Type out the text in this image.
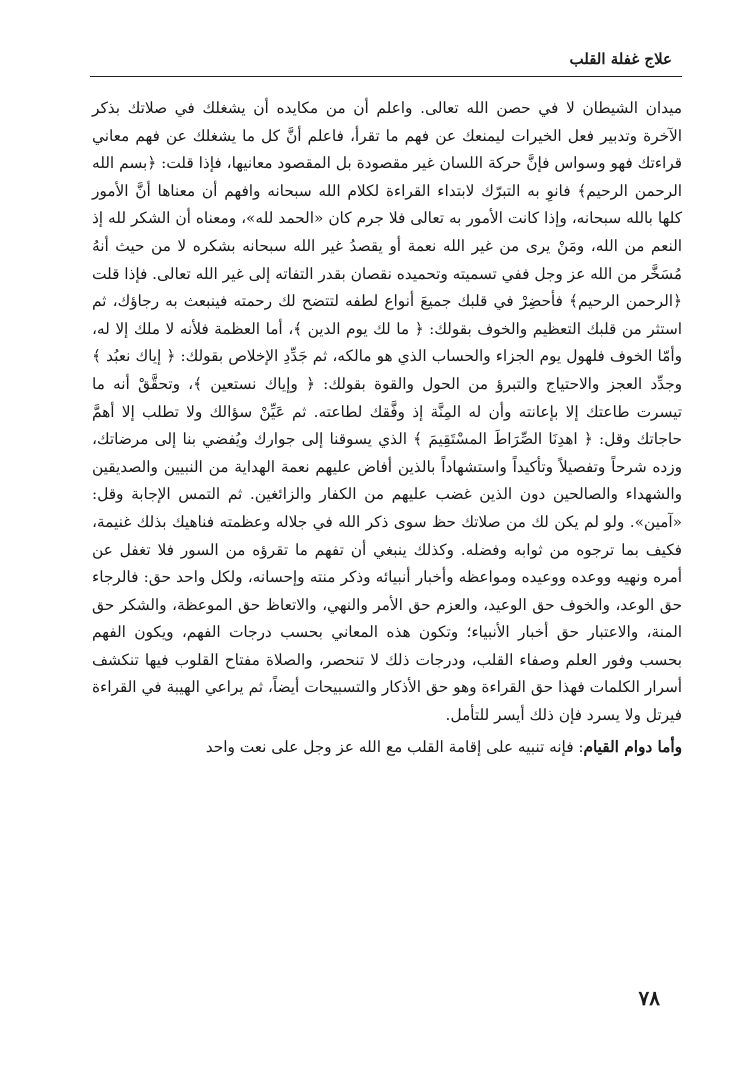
علاج غفلة القلب

ميدان الشيطان لا في حصن الله تعالى. واعلم أن من مكايده أن يشغلك في صلاتك بذكر الآخرة وتدبير فعل الخيرات ليمنعك عن فهم ما تقرأ، فاعلم أنَّ كل ما يشغلك عن فهم معاني قراءتك فهو وسواس فإنَّ حركة اللسان غير مقصودة بل المقصود معانيها، فإذا قلت: ﴿بسم الله الرحمن الرحيم﴾ فانوِ به التبرّك لابتداء القراءة لكلام الله سبحانه وافهم أن معناها أنَّ الأمور كلها بالله سبحانه، وإذا كانت الأمور به تعالى فلا جرم كان «الحمد لله»، ومعناه أن الشكر لله إذ النعم من الله، ومَنْ يرى من غير الله نعمة أو يقصدُ غير الله سبحانه بشكره لا من حيث أنهُ مُسَخَّر من الله عز وجل ففي تسميته وتحميده نقصان بقدر التفاته إلى غير الله تعالى. فإذا قلت ﴿الرحمن الرحيم﴾ فأحضِرْ في قلبك جميعَ أنواع لطفه لتتضح لك رحمته فينبعث به رجاؤك، ثم استثر من قلبك التعظيم والخوف بقولك: ﴿ ما لك يوم الدين ﴾، أما العظمة فلأنه لا ملك إلا له، وأمّا الخوف فلهول يوم الجزاء والحساب الذي هو مالكه، ثم جَدِّدِ الإخلاص بقولك: ﴿ إياك نعبُد ﴾ وجدِّد العجز والاحتياج والتبرؤ من الحول والقوة بقولك: ﴿ وإياك نستعين ﴾، وتحقَّقْ أنه ما تيسرت طاعتك إلا بإعانته وأن له المِنَّة إذ وفَّقك لطاعته. ثم عَيِّنْ سؤالك ولا تطلب إلا أهمَّ حاجاتك وقل: ﴿ اهدِنَا الصِّرَاطَ المسْتَقِيمَ ﴾ الذي يسوقنا إلى جوارك ويُفضي بنا إلى مرضاتك، وزده شرحاً وتفصيلاً وتأكيداً واستشهاداً بالذين أفاض عليهم نعمة الهداية من النبيين والصديقين والشهداء والصالحين دون الذين غضب عليهم من الكفار والزائغين. ثم التمس الإجابة وقل: «آمين». ولو لم يكن لك من صلاتك حظ سوى ذكر الله في جلاله وعظمته فناهيك بذلك غنيمة، فكيف بما ترجوه من ثوابه وفضله. وكذلك ينبغي أن تفهم ما تقرؤه من السور فلا تغفل عن أمره ونهيه ووعده ووعيده ومواعظه وأخبار أنبيائه وذكر منته وإحسانه، ولكل واحد حق: فالرجاء حق الوعد، والخوف حق الوعيد، والعزم حق الأمر والنهي، والاتعاظ حق الموعظة، والشكر حق المنة، والاعتبار حق أخبار الأنبياء؛ وتكون هذه المعاني بحسب درجات الفهم، ويكون الفهم بحسب وفور العلم وصفاء القلب، ودرجات ذلك لا تنحصر، والصلاة مفتاح القلوب فيها تنكشف أسرار الكلمات فهذا حق القراءة وهو حق الأذكار والتسبيحات أيضاً، ثم يراعي الهيبة في القراءة فيرتل ولا يسرد فإن ذلك أيسر للتأمل.

وأما دوام القيام: فإنه تنبيه على إقامة القلب مع الله عز وجل على نعت واحد

٧٨
